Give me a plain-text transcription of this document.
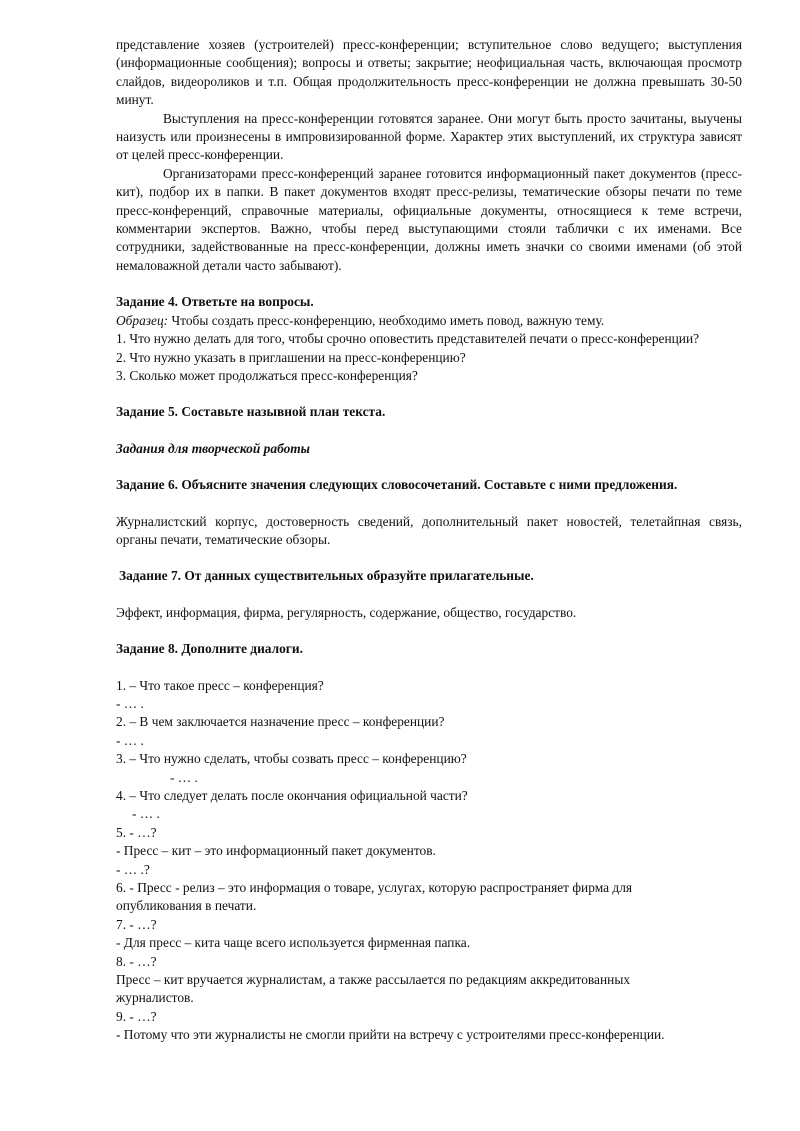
представление хозяев (устроителей) пресс-конференции; вступительное слово ведущего; выступления (информационные сообщения); вопросы и ответы; закрытие; неофициальная часть, включающая просмотр слайдов, видеороликов и т.п. Общая продолжительность пресс-конференции не должна превышать 30-50 минут.

Выступления на пресс-конференции готовятся заранее. Они могут быть просто зачитаны, выучены наизусть или произнесены в импровизированной форме. Характер этих выступлений, их структура зависят от целей пресс-конференции.

Организаторами пресс-конференций заранее готовится информационный пакет документов (пресс-кит), подбор их в папки. В пакет документов входят пресс-релизы, тематические обзоры печати по теме пресс-конференций, справочные материалы, официальные документы, относящиеся к теме встречи, комментарии экспертов. Важно, чтобы перед выступающими стояли таблички с их именами. Все сотрудники, задействованные на пресс-конференции, должны иметь значки со своими именами (об этой немаловажной детали часто забывают).

Задание 4. Ответьте на вопросы.

Образец: Чтобы создать пресс-конференцию, необходимо иметь повод, важную тему.

1. Что нужно делать для того, чтобы срочно оповестить представителей печати о пресс-конференции?

2. Что нужно указать в приглашении на пресс-конференцию?

3. Сколько может продолжаться пресс-конференция?

Задание 5. Составьте назывной план текста.

Задания для творческой работы

Задание 6. Объясните значения следующих словосочетаний. Составьте с ними предложения.

Журналистский корпус, достоверность сведений, дополнительный пакет новостей, телетайпная связь, органы печати, тематические обзоры.

Задание 7. От данных существительных образуйте прилагательные.

Эффект, информация, фирма, регулярность, содержание, общество, государство.

Задание 8. Дополните диалоги.

1. – Что такое пресс – конференция?

- … .

2. – В чем заключается назначение пресс – конференции?

- … .

3. – Что нужно сделать, чтобы созвать пресс – конференцию?

- … .

4. – Что следует делать после окончания официальной части?

- … .

5. - …?

- Пресс – кит – это информационный пакет документов.

- … .?

6. - Пресс - релиз – это информация о товаре, услугах, которую распространяет фирма для опубликования в печати.

7. - …?

- Для пресс – кита чаще всего используется фирменная папка.

8. - …?

Пресс – кит вручается журналистам, а также рассылается по редакциям аккредитованных журналистов.

9. - …?

- Потому что эти журналисты не смогли прийти на встречу с устроителями пресс-конференции.
